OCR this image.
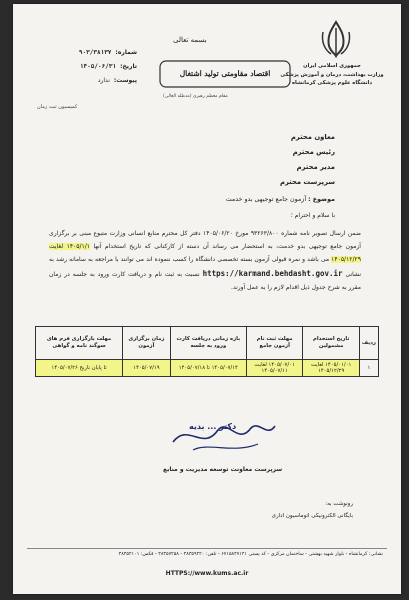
جمهوری اسلامی ایران
وزارت بهداشت، درمان و آموزش پزشکی
دانشگاه علوم پزشکی کرمانشاه
بسمه تعالی
اقتصاد مقاومتی تولید اشتغال
مقام معظم رهبری (مدظله العالی)
شماره:
۹۰۳/۳۸۱۳۷
تاریخ:
۱۴۰۵/۰۶/۳۱
پیوست:
ندارد
کمیسیون ثبت زمان
معاون محترم
رئیس محترم
مدیر محترم
سرپرست محترم
موضوع : آزمون جامع توجیهی بدو خدمت
با سلام و احترام ؛
ضمن ارسال تصویر نامه شماره ۹۳۲۶۳/۸۰۰ مورخ ۱۴۰۵/۰۶/۲۰ دفتر کل محترم منابع انسانی وزارت متبوع مبنی بر برگزاری آزمون جامع توجیهی بدو خدمت، به استحضار می رساند آن دسته از کارکنانی که تاریخ استخدام آنها ۱۴۰۵/۱/۱ لغایت ۱۴۰۵/۱۲/۲۹ می باشد و نمره قبولی آزمون بسته تخصصی دانشگاه را کسب ننموده اند می توانند با مراجعه به سامانه رشد به نشانی https://karmand.behdasht.gov.ir نسبت به ثبت نام و دریافت کارت ورود به جلسه در زمان مقرر به شرح جدول ذیل اقدام لازم را به عمل آورند.
ردیف	تاریخ استخدام مشمولین	مهلت ثبت نام آزمون جامع	بازه زمانی دریافت کارت ورود به جلسه	زمان برگزاری آزمون	مهلت بارگزاری فرم های سوگند نامه و گواهی
۱	۱۴۰۵/۰۱/۰۱ لغایت ۱۴۰۵/۱۲/۲۹	۱۴۰۵/۰۷/۰۱ لغایت ۱۴۰۵/۰۷/۱۱	۱۴۰۵/۰۷/۱۴ تا ۱۴۰۵/۰۷/۱۸	۱۴۰۵/۰۷/۱۹	تا پایان تاریخ ۱۴۰۵/۰۷/۲۶
دکتر ... بدیه
سرپرست معاونت توسعه مدیریت و منابع
رونوشت به:
بایگانی الکترونیکی اتوماسیون اداری
نشانی: کرمانشاه - بلوار شهید بهشتی - ساختمان مرکزی - کد پستی ۶۷۱۵۸۴۷۱۴۱ - تلفن: ۳۸۳۵۹۲۲۰ - ۳۸۳۵۷۲۵۸ - فکس: ۳۸۳۵۲۱۰۱
HTTPS://www.kums.ac.ir
